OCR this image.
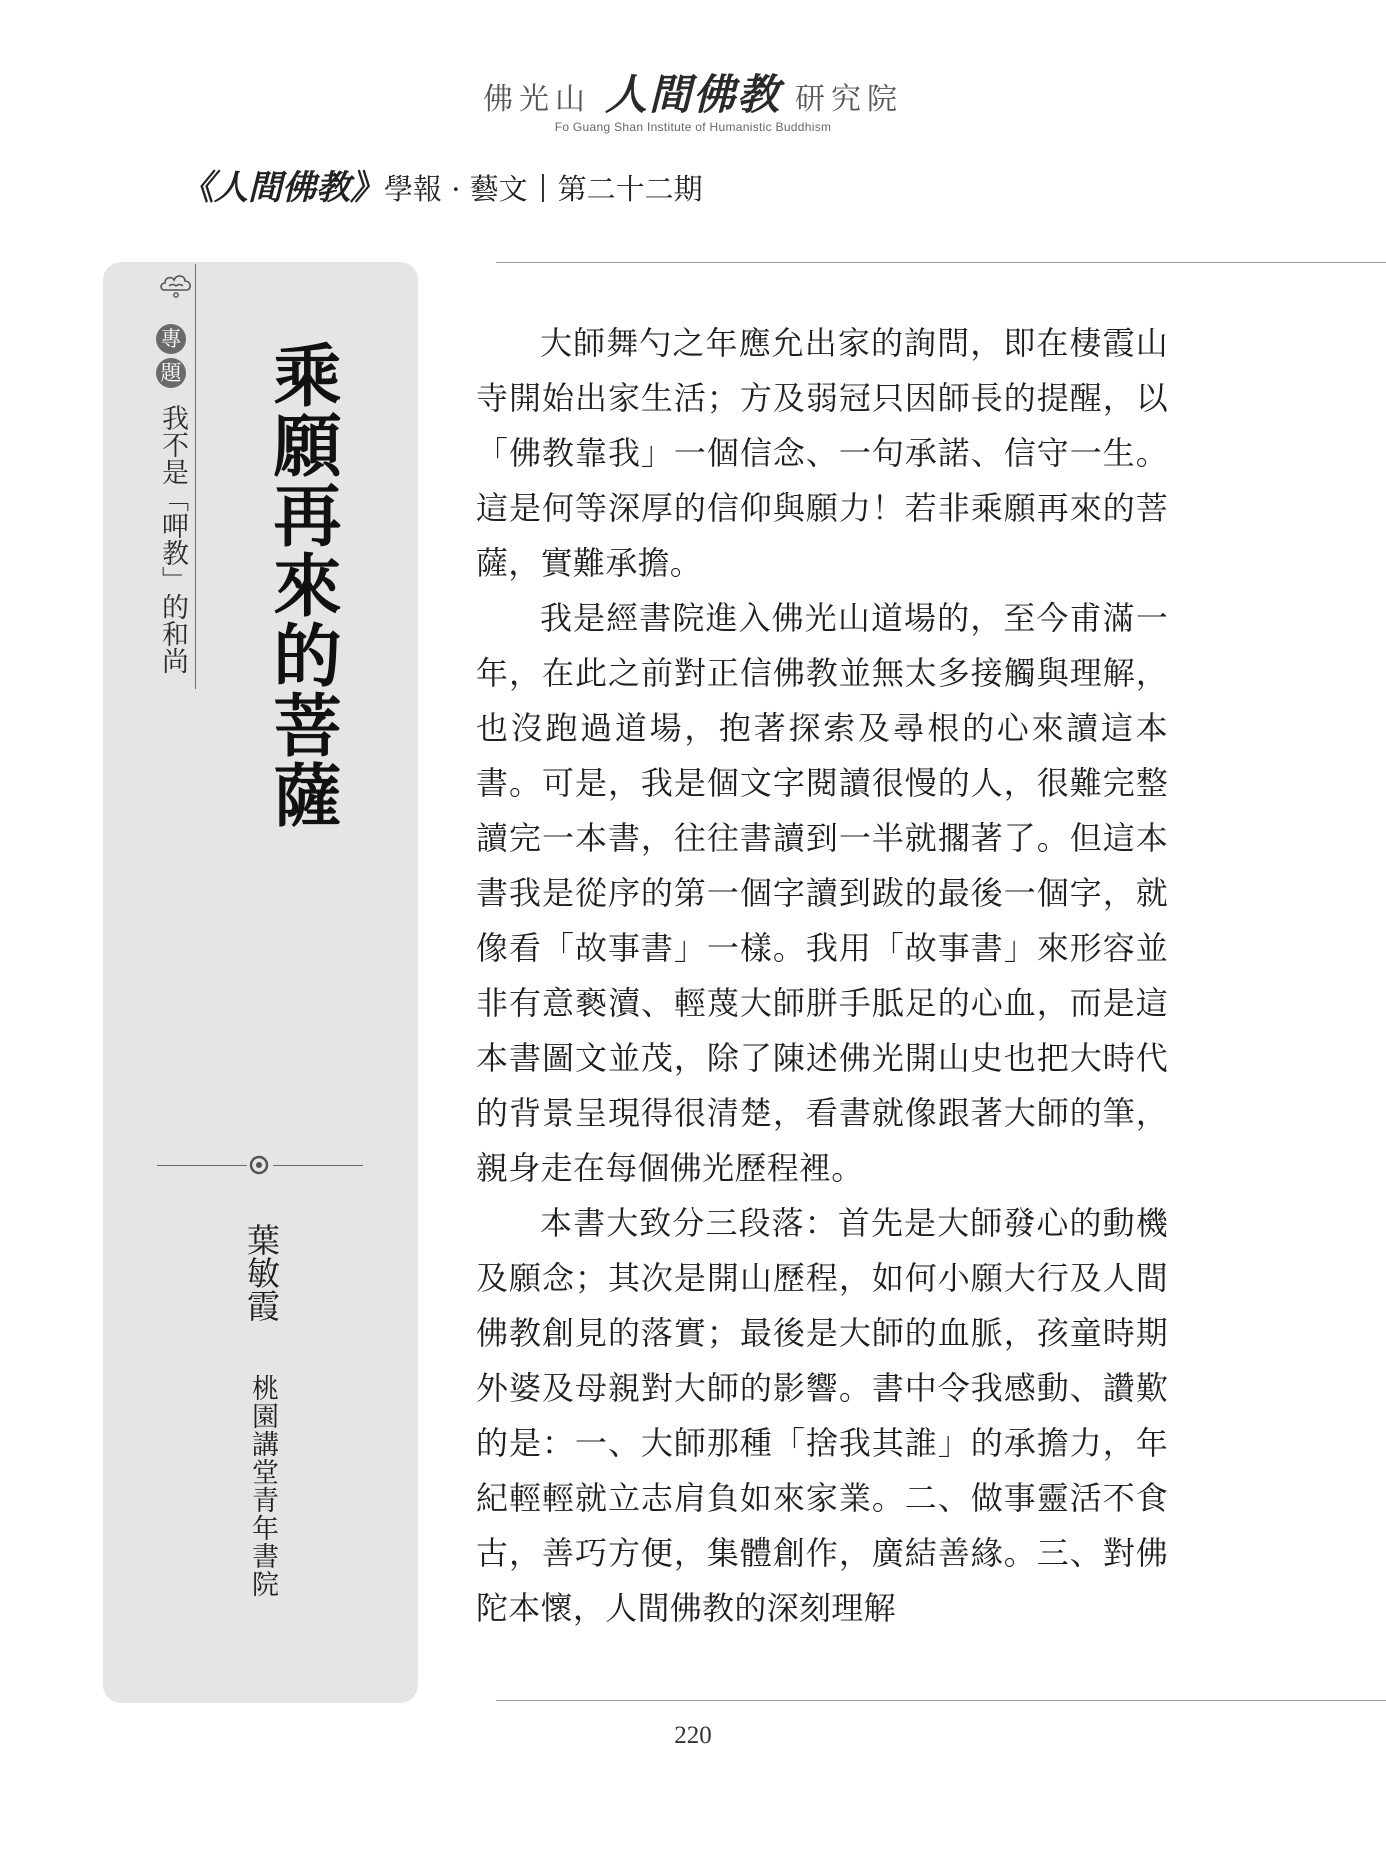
佛光山 人間佛教 研究院
Fo Guang Shan Institute of Humanistic Buddhism
《人間佛教》 學報 · 藝文 第二十二期
專
題
我不是「呷教」的和尚 乘願再來的菩薩
葉敏霞
桃園講堂青年書院

大師舞勺之年應允出家的詢問，即在棲霞山寺開始出家生活；方及弱冠只因師長的提醒，以「佛教靠我」一個信念、一句承諾、信守一生。這是何等深厚的信仰與願力！若非乘願再來的菩薩，實難承擔。

我是經書院進入佛光山道場的，至今甫滿一年，在此之前對正信佛教並無太多接觸與理解，也沒跑過道場，抱著探索及尋根的心來讀這本書。可是，我是個文字閱讀很慢的人，很難完整讀完一本書，往往書讀到一半就擱著了。但這本書我是從序的第一個字讀到跋的最後一個字，就像看「故事書」一樣。我用「故事書」來形容並非有意褻瀆、輕蔑大師胼手胝足的心血，而是這本書圖文並茂，除了陳述佛光開山史也把大時代的背景呈現得很清楚，看書就像跟著大師的筆，親身走在每個佛光歷程裡。

本書大致分三段落：首先是大師發心的動機及願念；其次是開山歷程，如何小願大行及人間佛教創見的落實；最後是大師的血脈，孩童時期外婆及母親對大師的影響。書中令我感動、讚歎的是：一、大師那種「捨我其誰」的承擔力，年紀輕輕就立志肩負如來家業。二、做事靈活不食古，善巧方便，集體創作，廣結善緣。三、對佛陀本懷，人間佛教的深刻理解

220
